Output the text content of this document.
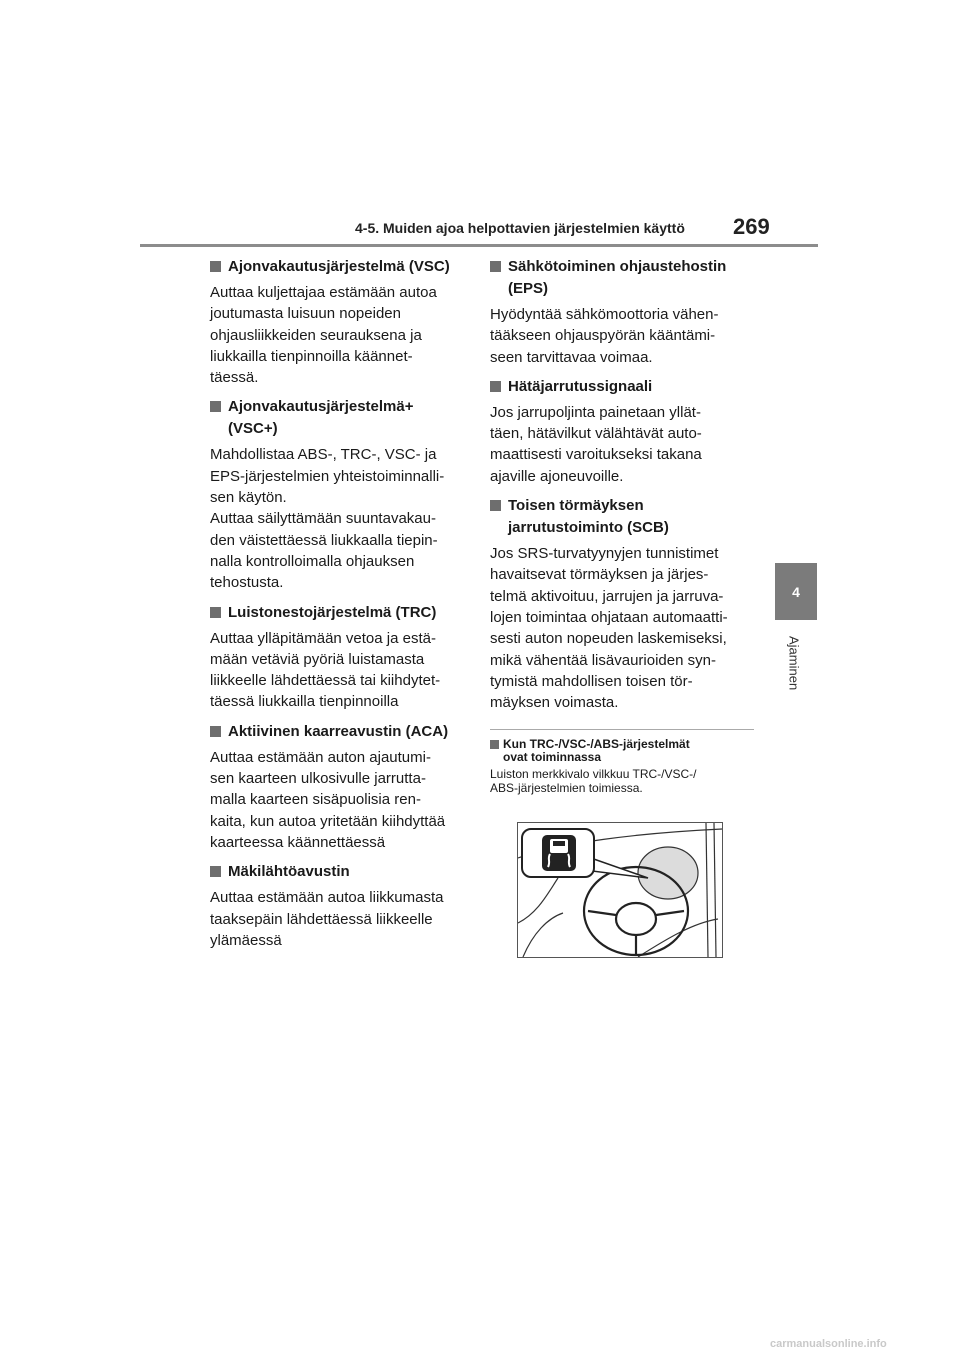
4-5. Muiden ajoa helpottavien järjestelmien käyttö 269
4
Ajaminen
Ajonvakautusjärjestelmä (VSC)
Auttaa kuljettajaa estämään autoa
joutumasta luisuun nopeiden
ohjausliikkeiden seurauksena ja
liukkailla tienpinnoilla käännet-
täessä.
Ajonvakautusjärjestelmä+ (VSC+)
Mahdollistaa ABS-, TRC-, VSC- ja
EPS-järjestelmien yhteistoiminnalli-
sen käytön.
Auttaa säilyttämään suuntavakau-
den väistettäessä liukkaalla tiepin-
nalla kontrolloimalla ohjauksen
tehostusta.
Luistonestojärjestelmä (TRC)
Auttaa ylläpitämään vetoa ja estä-
mään vetäviä pyöriä luistamasta
liikkeelle lähdettäessä tai kiihdytet-
täessä liukkailla tienpinnoilla
Aktiivinen kaarreavustin (ACA)
Auttaa estämään auton ajautumi-
sen kaarteen ulkosivulle jarrutta-
malla kaarteen sisäpuolisia ren-
kaita, kun autoa yritetään kiihdyttää
kaarteessa käännettäessä
Mäkilähtöavustin
Auttaa estämään autoa liikkumasta
taaksepäin lähdettäessä liikkeelle
ylämäessä
Sähkötoiminen ohjaustehostin (EPS)
Hyödyntää sähkömoottoria vähen-
tääkseen ohjauspyörän kääntämi-
seen tarvittavaa voimaa.
Hätäjarrutussignaali
Jos jarrupoljinta painetaan yllät-
täen, hätävilkut välähtävät auto-
maattisesti varoitukseksi takana
ajaville ajoneuvoille.
Toisen törmäyksen jarrutustoiminto (SCB)
Jos SRS-turvatyynyjen tunnistimet
havaitsevat törmäyksen ja järjes-
telmä aktivoituu, jarrujen ja jarruva-
lojen toimintaa ohjataan automaatti-
sesti auton nopeuden laskemiseksi,
mikä vähentää lisävaurioiden syn-
tymistä mahdollisen toisen tör-
mäyksen voimasta.
Kun TRC-/VSC-/ABS-järjestelmät
ovat toiminnassa
Luiston merkkivalo vilkkuu TRC-/VSC-/
ABS-järjestelmien toimiessa.
carmanualsonline.info
